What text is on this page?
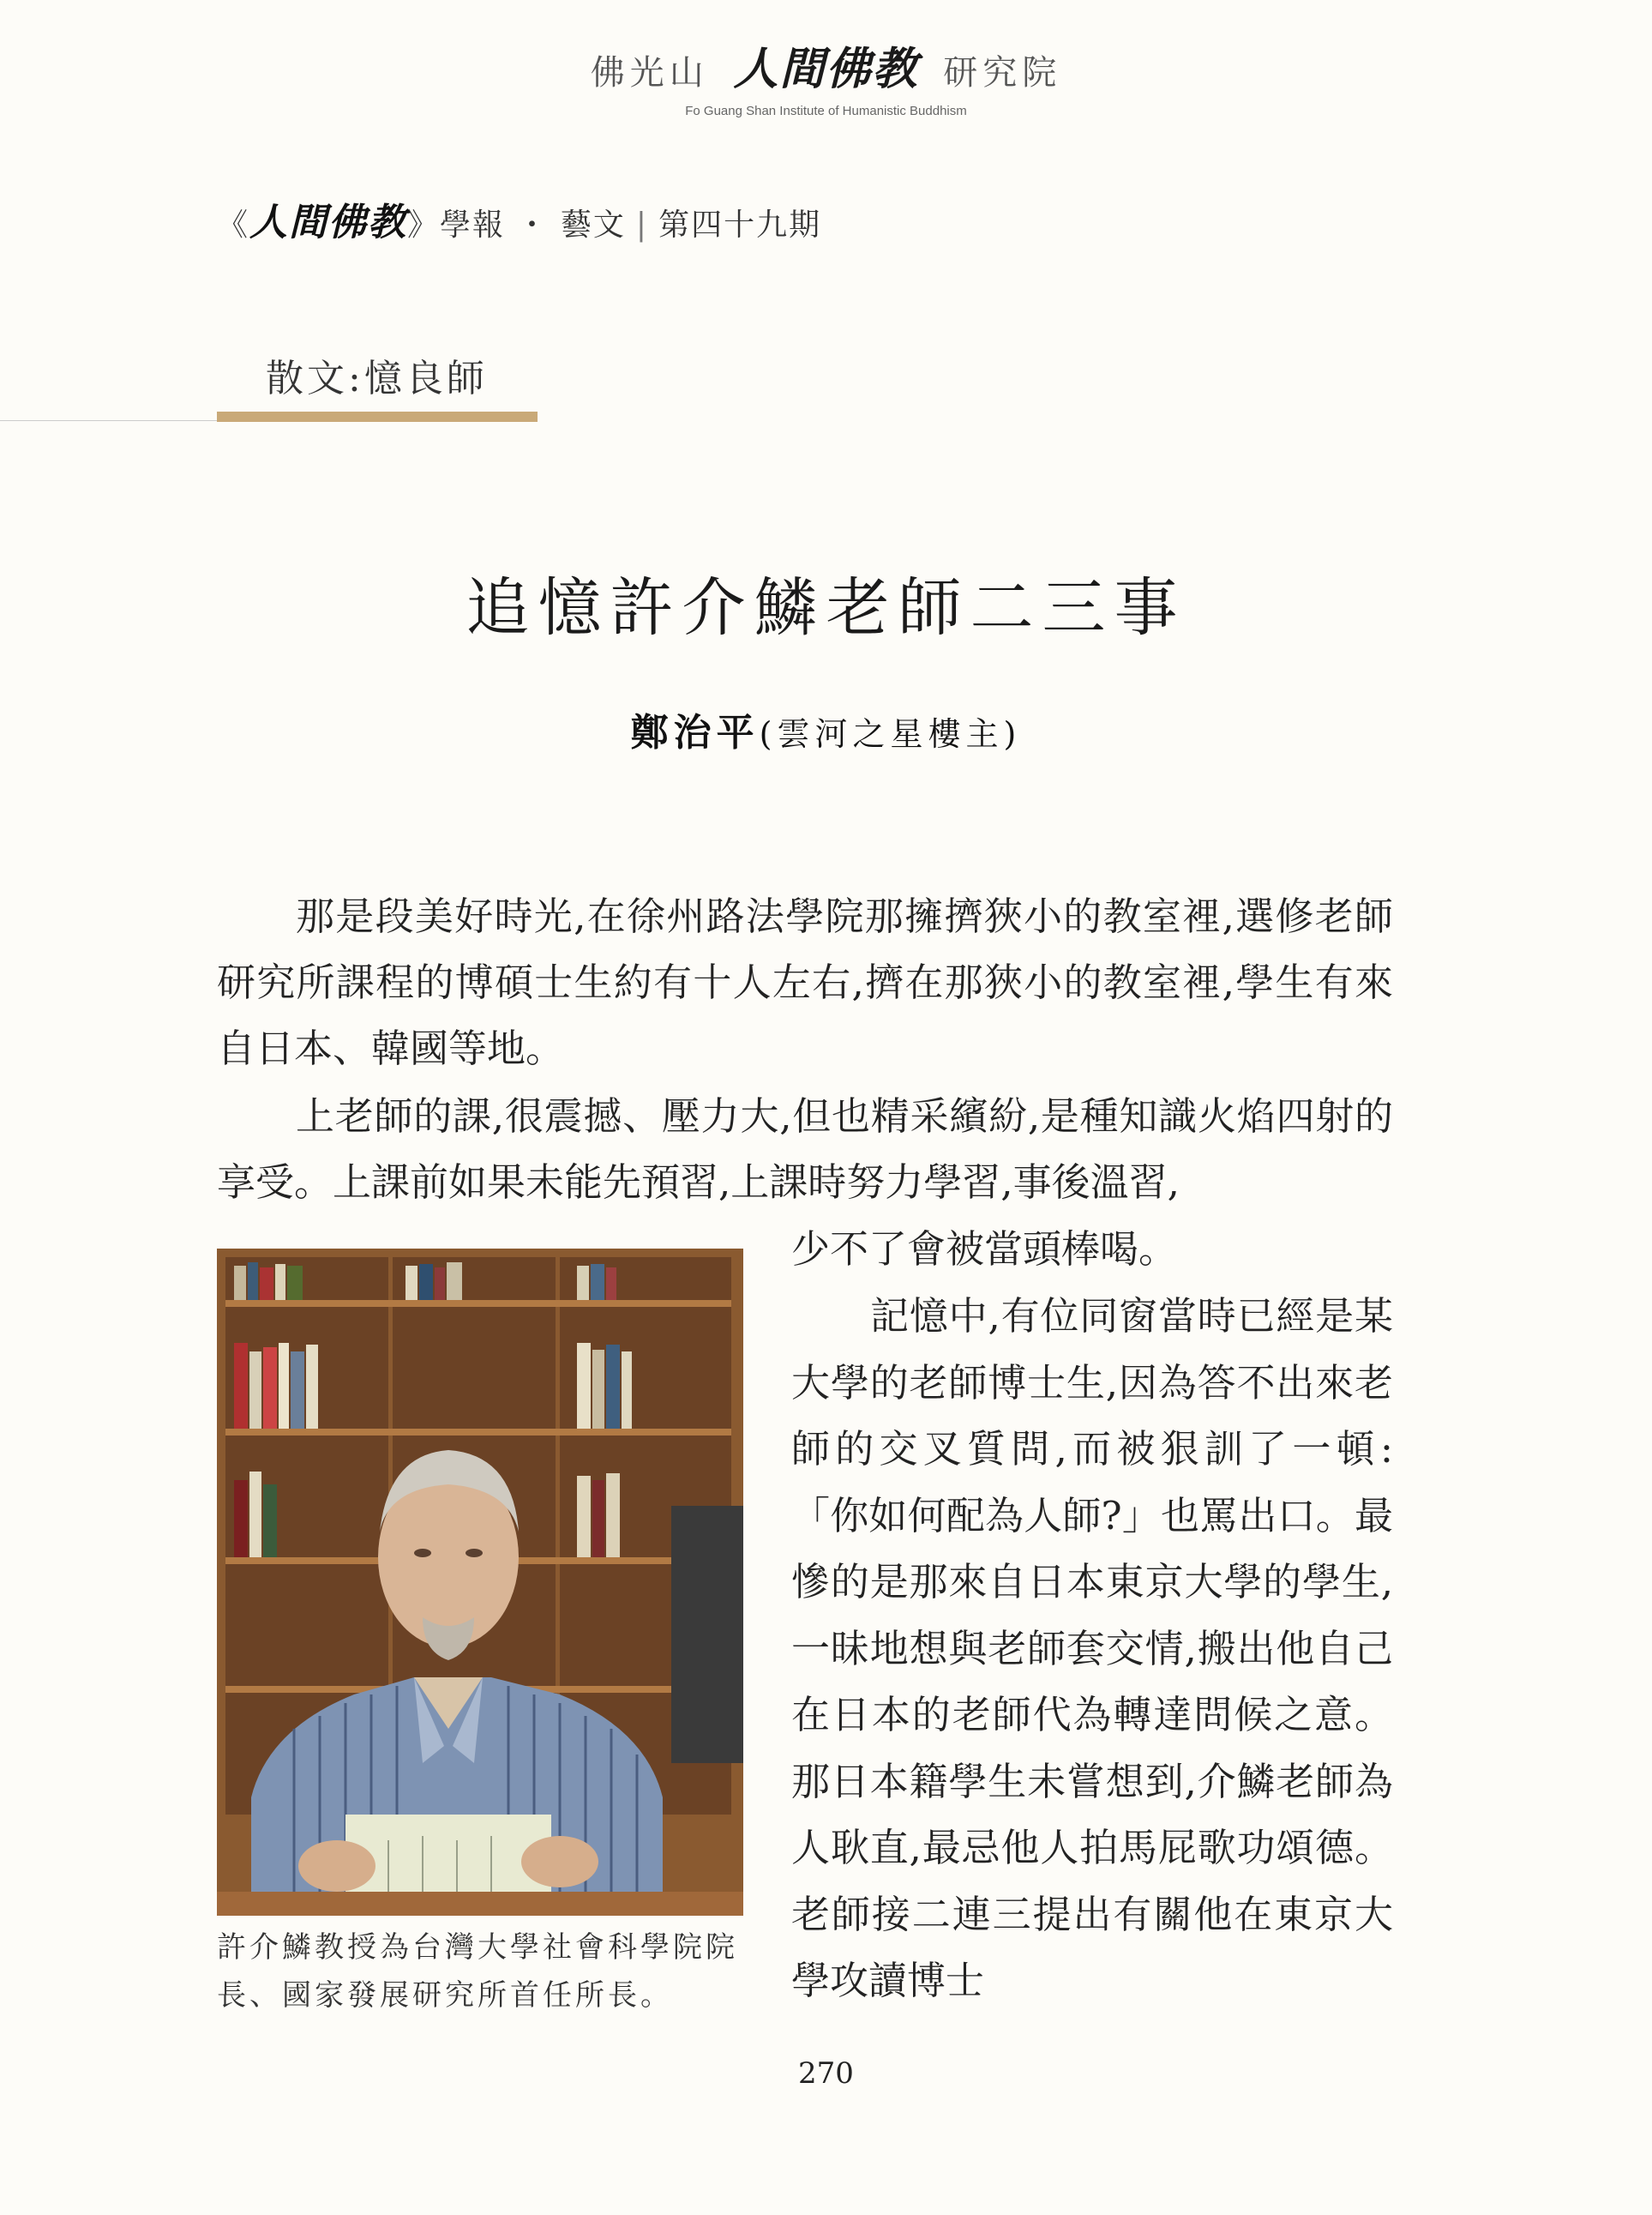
佛光山 人間佛教 研究院
Fo Guang Shan Institute of Humanistic Buddhism
《人間佛教》學報 ・ 藝文 | 第四十九期
散文:憶良師
追憶許介鱗老師二三事
鄭治平(雲河之星樓主)

那是段美好時光,在徐州路法學院那擁擠狹小的教室裡,選修老師研究所課程的博碩士生約有十人左右,擠在那狹小的教室裡,學生有來自日本、韓國等地。

上老師的課,很震撼、壓力大,但也精采繽紛,是種知識火焰四射的享受。上課前如果未能先預習,上課時努力學習,事後溫習,

少不了會被當頭棒喝。

記憶中,有位同窗當時已經是某大學的老師博士生,因為答不出來老師的交叉質問,而被狠訓了一頓:「你如何配為人師?」也罵出口。最慘的是那來自日本東京大學的學生,一昧地想與老師套交情,搬出他自己在日本的老師代為轉達問候之意。那日本籍學生未嘗想到,介鱗老師為人耿直,最忌他人拍馬屁歌功頌德。老師接二連三提出有關他在東京大學攻讀博士

許介鱗教授為台灣大學社會科學院院長、國家發展研究所首任所長。

270
